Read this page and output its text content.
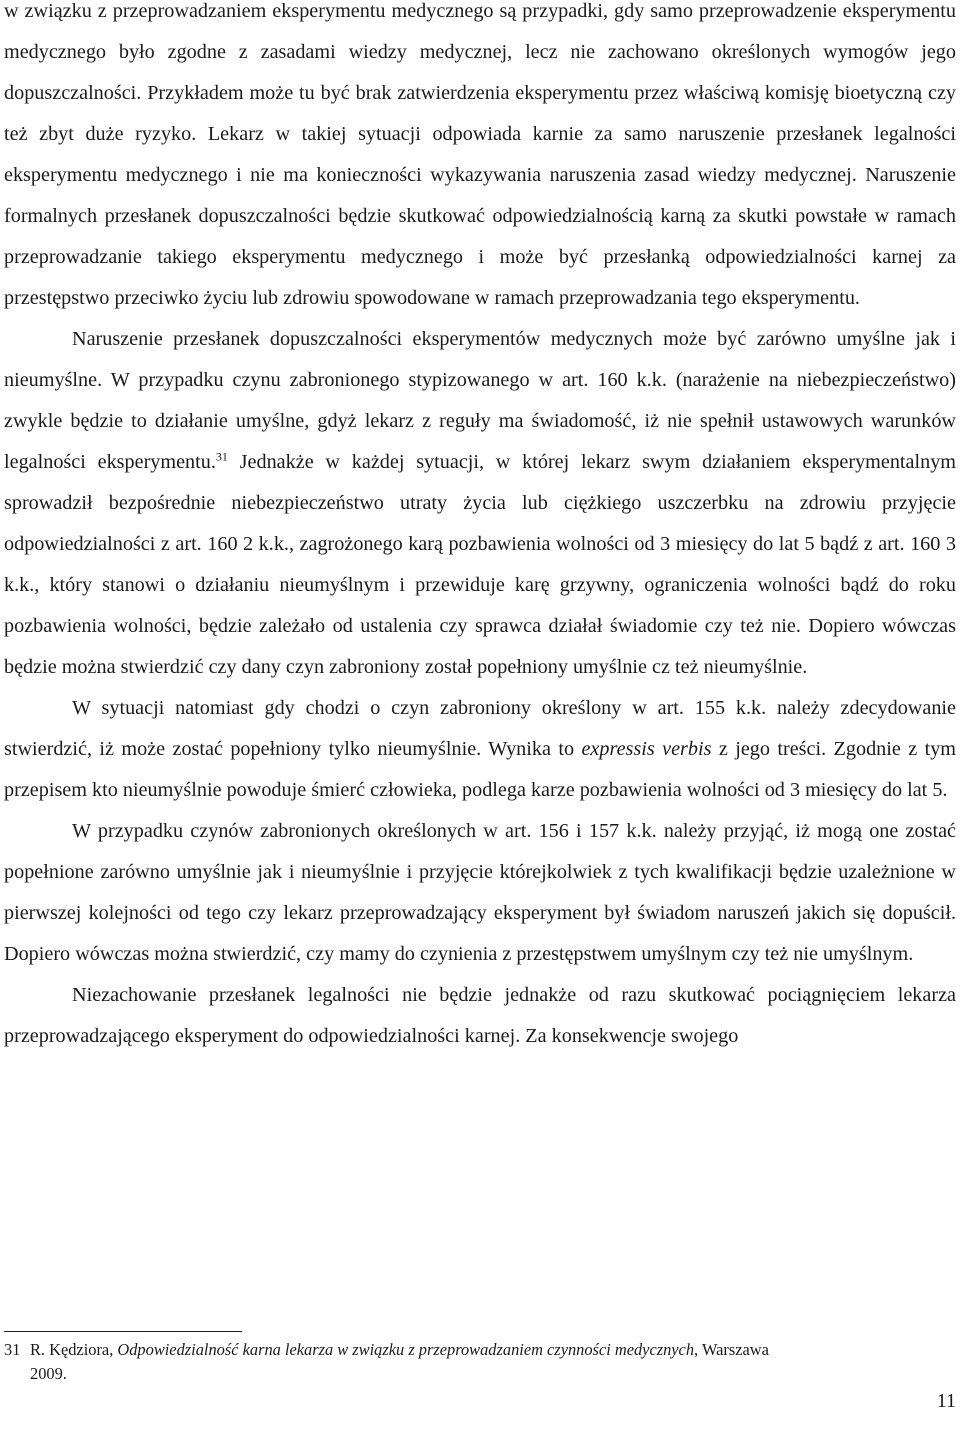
w związku z przeprowadzaniem eksperymentu medycznego są przypadki, gdy samo przeprowadzenie eksperymentu medycznego było zgodne z zasadami wiedzy medycznej, lecz nie zachowano określonych wymogów jego dopuszczalności. Przykładem może tu być brak zatwierdzenia eksperymentu przez właściwą komisję bioetyczną czy też zbyt duże ryzyko. Lekarz w takiej sytuacji odpowiada karnie za samo naruszenie przesłanek legalności eksperymentu medycznego i nie ma konieczności wykazywania naruszenia zasad wiedzy medycznej. Naruszenie formalnych przesłanek dopuszczalności będzie skutkować odpowiedzialnością karną za skutki powstałe w ramach przeprowadzanie takiego eksperymentu medycznego i może być przesłanką odpowiedzialności karnej za przestępstwo przeciwko życiu lub zdrowiu spowodowane w ramach przeprowadzania tego eksperymentu.

Naruszenie przesłanek dopuszczalności eksperymentów medycznych może być zarówno umyślne jak i nieumyślne. W przypadku czynu zabronionego stypizowanego w art. 160 k.k. (narażenie na niebezpieczeństwo) zwykle będzie to działanie umyślne, gdyż lekarz z reguły ma świadomość, iż nie spełnił ustawowych warunków legalności eksperymentu.$^{31}$ Jednakże w każdej sytuacji, w której lekarz swym działaniem eksperymentalnym sprowadził bezpośrednie niebezpieczeństwo utraty życia lub ciężkiego uszczerbku na zdrowiu przyjęcie odpowiedzialności z art. 160 2 k.k., zagrożonego karą pozbawienia wolności od 3 miesięcy do lat 5 bądź z art. 160 3 k.k., który stanowi o działaniu nieumyślnym i przewiduje karę grzywny, ograniczenia wolności bądź do roku pozbawienia wolności, będzie zależało od ustalenia czy sprawca działał świadomie czy też nie. Dopiero wówczas będzie można stwierdzić czy dany czyn zabroniony został popełniony umyślnie cz też nieumyślnie.

W sytuacji natomiast gdy chodzi o czyn zabroniony określony w art. 155 k.k. należy zdecydowanie stwierdzić, iż może zostać popełniony tylko nieumyślnie. Wynika to expressis verbis z jego treści. Zgodnie z tym przepisem kto nieumyślnie powoduje śmierć człowieka, podlega karze pozbawienia wolności od 3 miesięcy do lat 5.

W przypadku czynów zabronionych określonych w art. 156 i 157 k.k. należy przyjąć, iż mogą one zostać popełnione zarówno umyślnie jak i nieumyślnie i przyjęcie którejkolwiek z tych kwalifikacji będzie uzależnione w pierwszej kolejności od tego czy lekarz przeprowadzający eksperyment był świadom naruszeń jakich się dopuścił. Dopiero wówczas można stwierdzić, czy mamy do czynienia z przestępstwem umyślnym czy też nie umyślnym.

Niezachowanie przesłanek legalności nie będzie jednakże od razu skutkować pociągnięciem lekarza przeprowadzającego eksperyment do odpowiedzialności karnej. Za konsekwencje swojego

31 R. Kędziora, Odpowiedzialność karna lekarza w związku z przeprowadzaniem czynności medycznych, Warszawa
2009.
11
